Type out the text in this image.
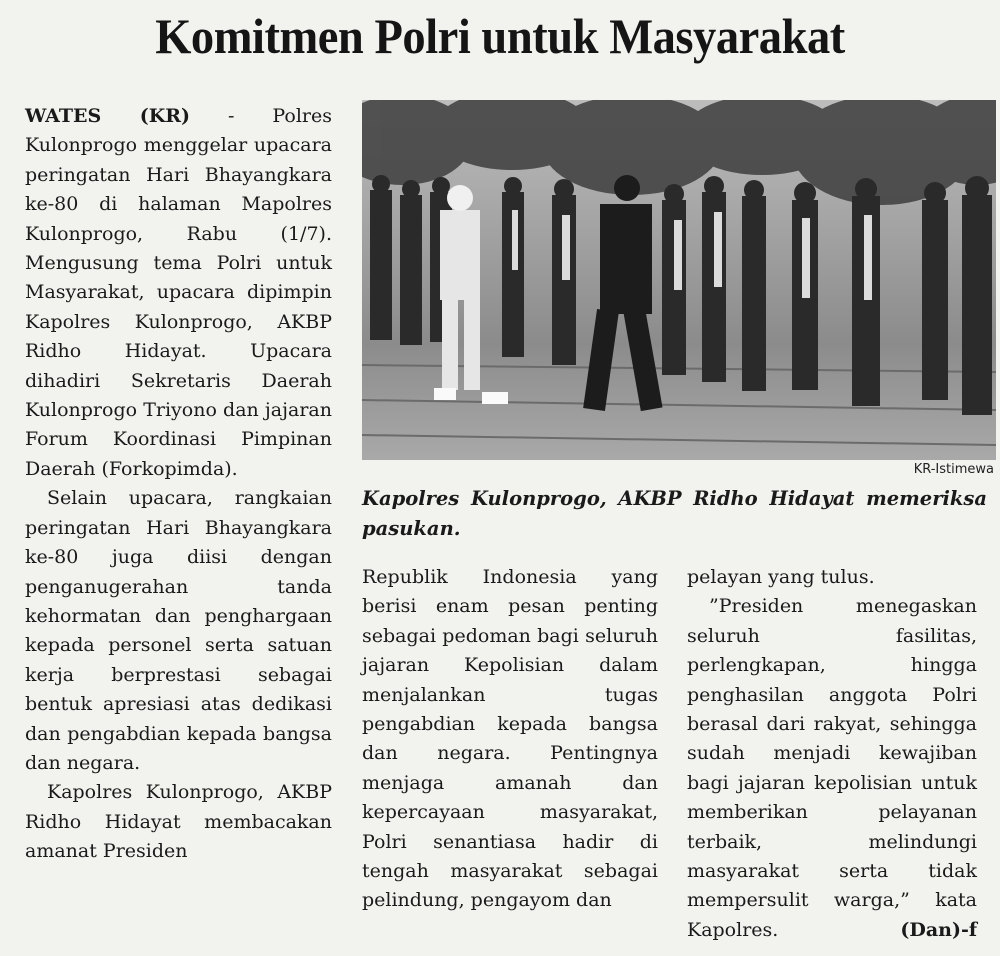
Komitmen Polri untuk Masyarakat

WATES (KR) - Polres Kulonprogo menggelar upacara peringatan Hari Bhayangkara ke-80 di halaman Mapolres Kulonprogo, Rabu (1/7). Mengusung tema Polri untuk Masyarakat, upacara dipimpin Kapolres Kulonprogo, AKBP Ridho Hidayat. Upacara dihadiri Sekretaris Daerah Kulonprogo Triyono dan jajaran Forum Koordinasi Pimpinan Daerah (Forkopimda).

Selain upacara, rangkaian peringatan Hari Bhayangkara ke-80 juga diisi dengan penganugerahan tanda kehormatan dan penghargaan kepada personel serta satuan kerja berprestasi sebagai bentuk apresiasi atas dedikasi dan pengabdian kepada bangsa dan negara.

Kapolres Kulonprogo, AKBP Ridho Hidayat membacakan amanat Presiden

KR-Istimewa
Kapolres Kulonprogo, AKBP Ridho Hidayat memeriksa pasukan.

Republik Indonesia yang berisi enam pesan penting sebagai pedoman bagi seluruh jajaran Kepolisian dalam menjalankan tugas pengabdian kepada bangsa dan negara. Pentingnya menjaga amanah dan kepercayaan masyarakat, Polri senantiasa hadir di tengah masyarakat sebagai pelindung, pengayom dan

pelayan yang tulus.

”Presiden menegaskan seluruh fasilitas, perlengkapan, hingga penghasilan anggota Polri berasal dari rakyat, sehingga sudah menjadi kewajiban bagi jajaran kepolisian untuk memberikan pelayanan terbaik, melindungi masyarakat serta tidak mempersulit warga,” kata Kapolres.	(Dan)-f
